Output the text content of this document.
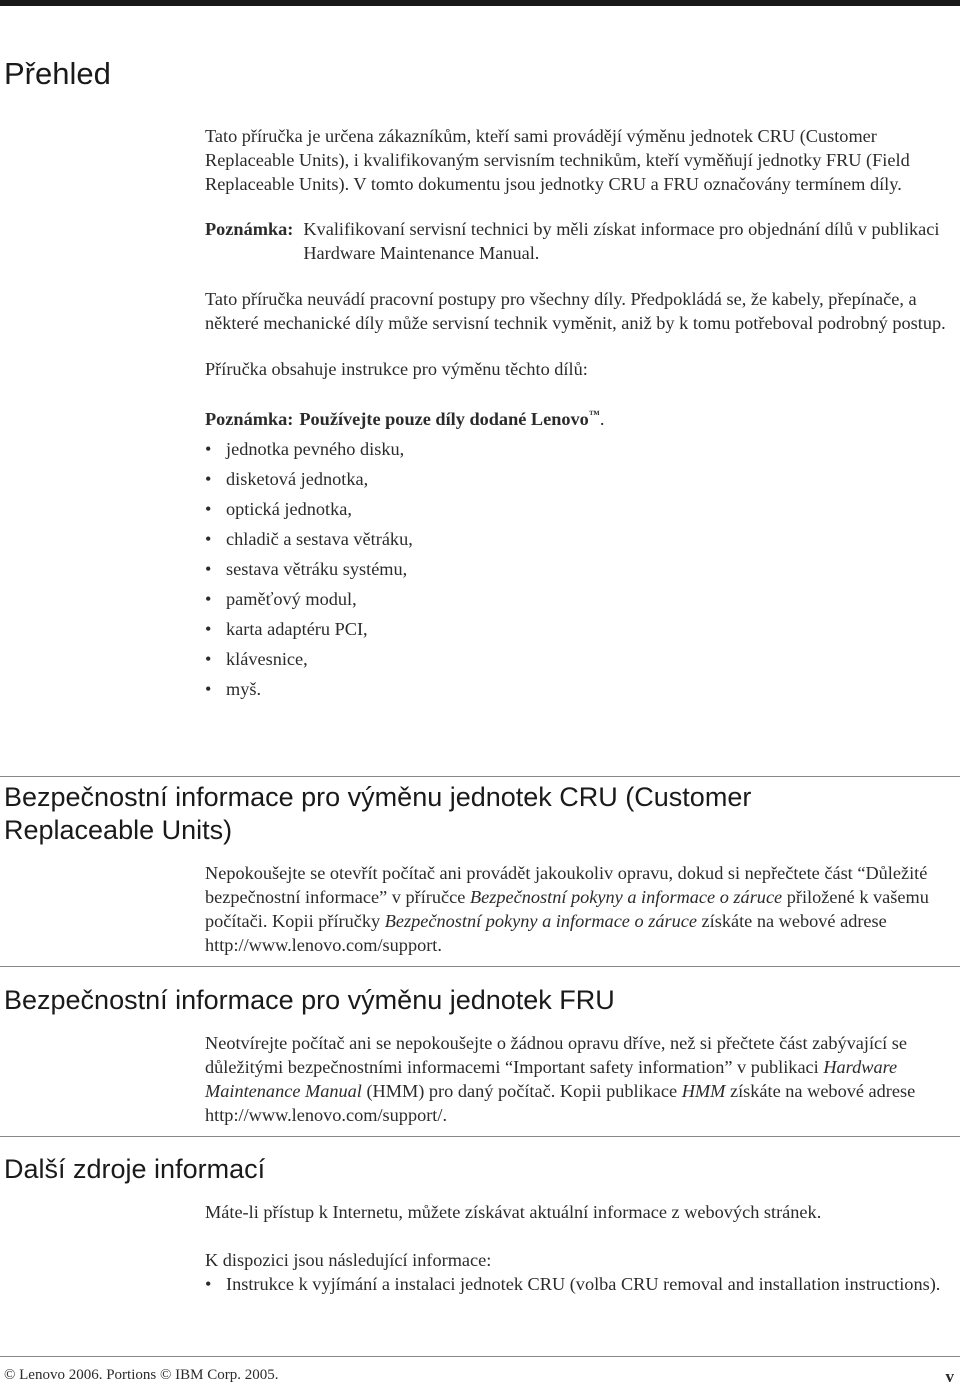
Přehled

Tato příručka je určena zákazníkům, kteří sami provádějí výměnu jednotek CRU (Customer Replaceable Units), i kvalifikovaným servisním technikům, kteří vyměňují jednotky FRU (Field Replaceable Units). V tomto dokumentu jsou jednotky CRU a FRU označovány termínem díly.

Poznámka: Kvalifikovaní servisní technici by měli získat informace pro objednání dílů v publikaci Hardware Maintenance Manual.

Tato příručka neuvádí pracovní postupy pro všechny díly. Předpokládá se, že kabely, přepínače, a některé mechanické díly může servisní technik vyměnit, aniž by k tomu potřeboval podrobný postup.

Příručka obsahuje instrukce pro výměnu těchto dílů:

Poznámka: Používejte pouze díly dodané Lenovo™.
• jednotka pevného disku,
• disketová jednotka,
• optická jednotka,
• chladič a sestava větráku,
• sestava větráku systému,
• paměťový modul,
• karta adaptéru PCI,
• klávesnice,
• myš.
Bezpečnostní informace pro výměnu jednotek CRU (Customer Replaceable Units)

Nepokoušejte se otevřít počítač ani provádět jakoukoliv opravu, dokud si nepřečtete část “Důležité bezpečnostní informace” v příručce Bezpečnostní pokyny a informace o záruce přiložené k vašemu počítači. Kopii příručky Bezpečnostní pokyny a informace o záruce získáte na webové adrese http://www.lenovo.com/support.

Bezpečnostní informace pro výměnu jednotek FRU

Neotvírejte počítač ani se nepokoušejte o žádnou opravu dříve, než si přečtete část zabývající se důležitými bezpečnostními informacemi “Important safety information” v publikaci Hardware Maintenance Manual (HMM) pro daný počítač. Kopii publikace HMM získáte na webové adrese http://www.lenovo.com/support/.

Další zdroje informací

Máte-li přístup k Internetu, můžete získávat aktuální informace z webových stránek.

K dispozici jsou následující informace:

• Instrukce k vyjímání a instalaci jednotek CRU (volba CRU removal and installation instructions).
© Lenovo 2006. Portions © IBM Corp. 2005.	v
